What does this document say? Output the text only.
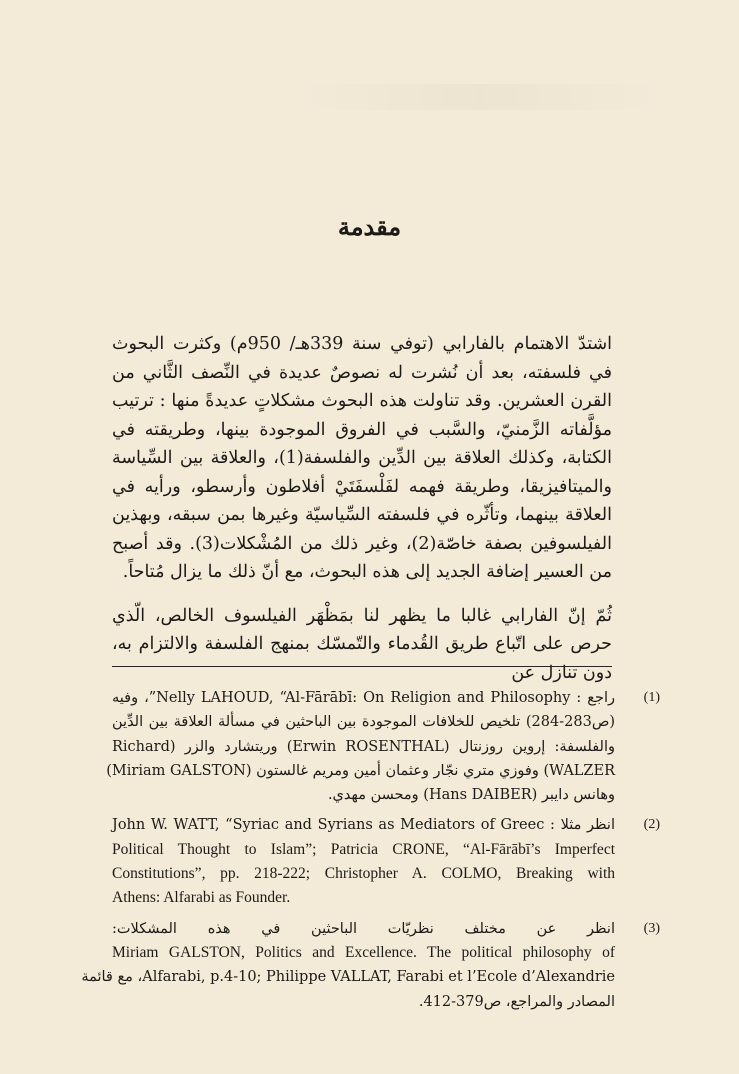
مقدمة

اشتدّ الاهتمام بالفارابي (توفي سنة 339هـ/ 950م) وكثرت البحوث في فلسفته، بعد أن نُشرت له نصوصٌ عديدة في النِّصف الثَّاني من القرن العشرين. وقد تناولت هذه البحوث مشكلاتٍ عديدةً منها : ترتيب مؤلَّفاته الزَّمنيّ، والسَّبب في الفروق الموجودة بينها، وطريقته في الكتابة، وكذلك العلاقة بين الدِّين والفلسفة(1)، والعلاقة بين السِّياسة والميتافيزيقا، وطريقة فهمه لفَلْسفَتَيْ أفلاطون وأرسطو، ورأيه في العلاقة بينهما، وتأثّره في فلسفته السِّياسيّة وغيرها بمن سبقه، وبهذين الفيلسوفين بصفة خاصّة(2)، وغير ذلك من المُشْكلات(3). وقد أصبح من العسير إضافة الجديد إلى هذه البحوث، مع أنّ ذلك ما يزال مُتاحاً.

ثُمّ إنّ الفارابي غالبا ما يظهر لنا بمَظْهَر الفيلسوف الخالص، الّذي حرص على اتّباع طريق القُدماء والتّمسّك بمنهج الفلسفة والالتزام به، دون تنازل عن

(1)
راجع : Nelly LAHOUD, “Al-Fārābī: On Religion and Philosophy”، وفيه
(ص283-284) تلخيص للخلافات الموجودة بين الباحثين في مسألة العلاقة بين الدِّين
والفلسفة: إروين روزنتال (Erwin ROSENTHAL) وريتشارد والزر (Richard
WALZER) وفوزي متري نجّار وعثمان أمين ومريم غالستون (Miriam GALSTON)
وهانس دايبر (Hans DAIBER) ومحسن مهدي.
(2)
انظر مثلا : John W. WATT, “Syriac and Syrians as Mediators of Greec
Political Thought to Islam”; Patricia CRONE, “Al-Fārābī’s Imperfect
Constitutions”, pp. 218-222; Christopher A. COLMO, Breaking with
Athens: Alfarabi as Founder.
(3)
انظر عن مختلف نظريّات الباحثين في هذه المشكلات:
Miriam GALSTON, Politics and Excellence. The political philosophy of
Alfarabi, p.4-10; Philippe VALLAT, Farabi et l’Ecole d’Alexandrie، مع قائمة
المصادر والمراجع، ص379-412.
